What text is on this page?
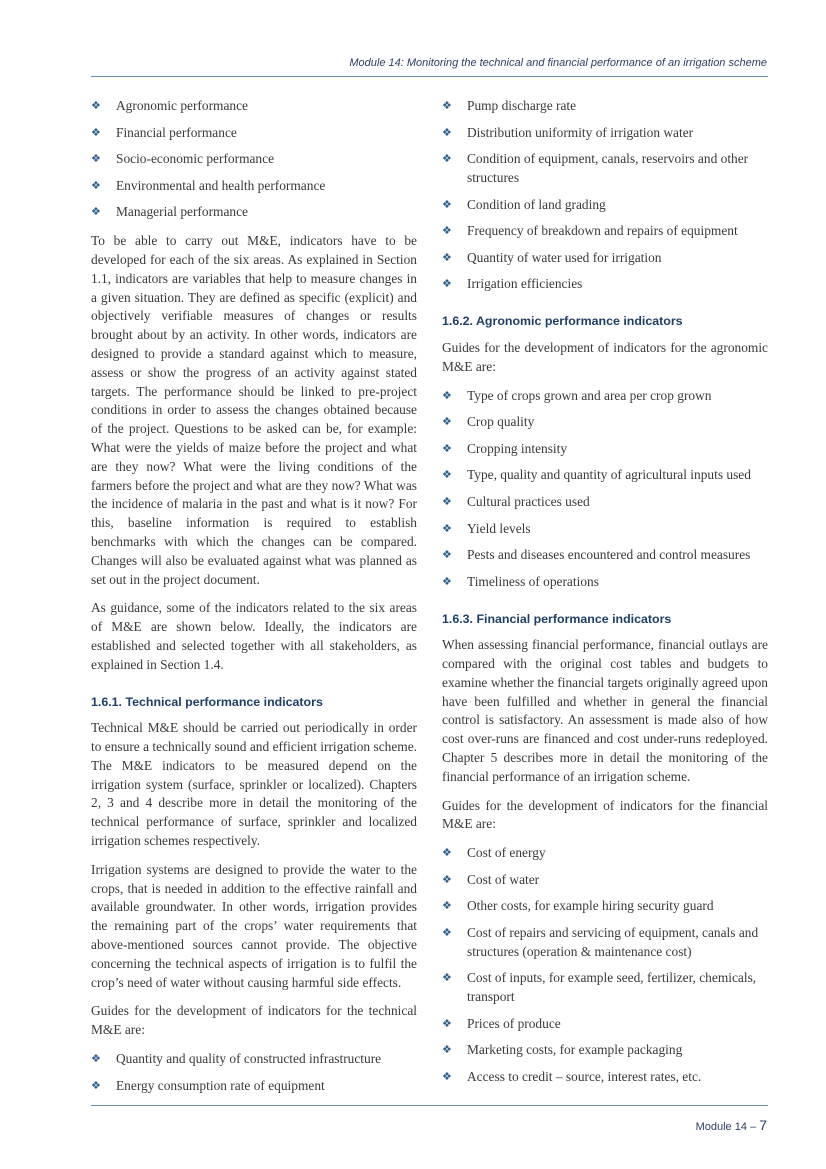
Module 14: Monitoring the technical and financial performance of an irrigation scheme
❖ Agronomic performance
❖ Financial performance
❖ Socio-economic performance
❖ Environmental and health performance
❖ Managerial performance

To be able to carry out M&E, indicators have to be developed for each of the six areas. As explained in Section 1.1, indicators are variables that help to measure changes in a given situation. They are defined as specific (explicit) and objectively verifiable measures of changes or results brought about by an activity. In other words, indicators are designed to provide a standard against which to measure, assess or show the progress of an activity against stated targets. The performance should be linked to pre-project conditions in order to assess the changes obtained because of the project. Questions to be asked can be, for example: What were the yields of maize before the project and what are they now? What were the living conditions of the farmers before the project and what are they now? What was the incidence of malaria in the past and what is it now? For this, baseline information is required to establish benchmarks with which the changes can be compared. Changes will also be evaluated against what was planned as set out in the project document.

As guidance, some of the indicators related to the six areas of M&E are shown below. Ideally, the indicators are established and selected together with all stakeholders, as explained in Section 1.4.

1.6.1. Technical performance indicators

Technical M&E should be carried out periodically in order to ensure a technically sound and efficient irrigation scheme. The M&E indicators to be measured depend on the irrigation system (surface, sprinkler or localized). Chapters 2, 3 and 4 describe more in detail the monitoring of the technical performance of surface, sprinkler and localized irrigation schemes respectively.

Irrigation systems are designed to provide the water to the crops, that is needed in addition to the effective rainfall and available groundwater. In other words, irrigation provides the remaining part of the crops’ water requirements that above-mentioned sources cannot provide. The objective concerning the technical aspects of irrigation is to fulfil the crop’s need of water without causing harmful side effects.

Guides for the development of indicators for the technical M&E are:

❖ Quantity and quality of constructed infrastructure
❖ Energy consumption rate of equipment
❖ Pump discharge rate
❖ Distribution uniformity of irrigation water
❖ Condition of equipment, canals, reservoirs and other structures
❖ Condition of land grading
❖ Frequency of breakdown and repairs of equipment
❖ Quantity of water used for irrigation
❖ Irrigation efficiencies
1.6.2. Agronomic performance indicators

Guides for the development of indicators for the agronomic M&E are:

❖ Type of crops grown and area per crop grown
❖ Crop quality
❖ Cropping intensity
❖ Type, quality and quantity of agricultural inputs used
❖ Cultural practices used
❖ Yield levels
❖ Pests and diseases encountered and control measures
❖ Timeliness of operations
1.6.3. Financial performance indicators

When assessing financial performance, financial outlays are compared with the original cost tables and budgets to examine whether the financial targets originally agreed upon have been fulfilled and whether in general the financial control is satisfactory. An assessment is made also of how cost over-runs are financed and cost under-runs redeployed. Chapter 5 describes more in detail the monitoring of the financial performance of an irrigation scheme.

Guides for the development of indicators for the financial M&E are:

❖ Cost of energy
❖ Cost of water
❖ Other costs, for example hiring security guard
❖ Cost of repairs and servicing of equipment, canals and structures (operation & maintenance cost)
❖ Cost of inputs, for example seed, fertilizer, chemicals, transport
❖ Prices of produce
❖ Marketing costs, for example packaging
❖ Access to credit – source, interest rates, etc.
Module 14 – 7
